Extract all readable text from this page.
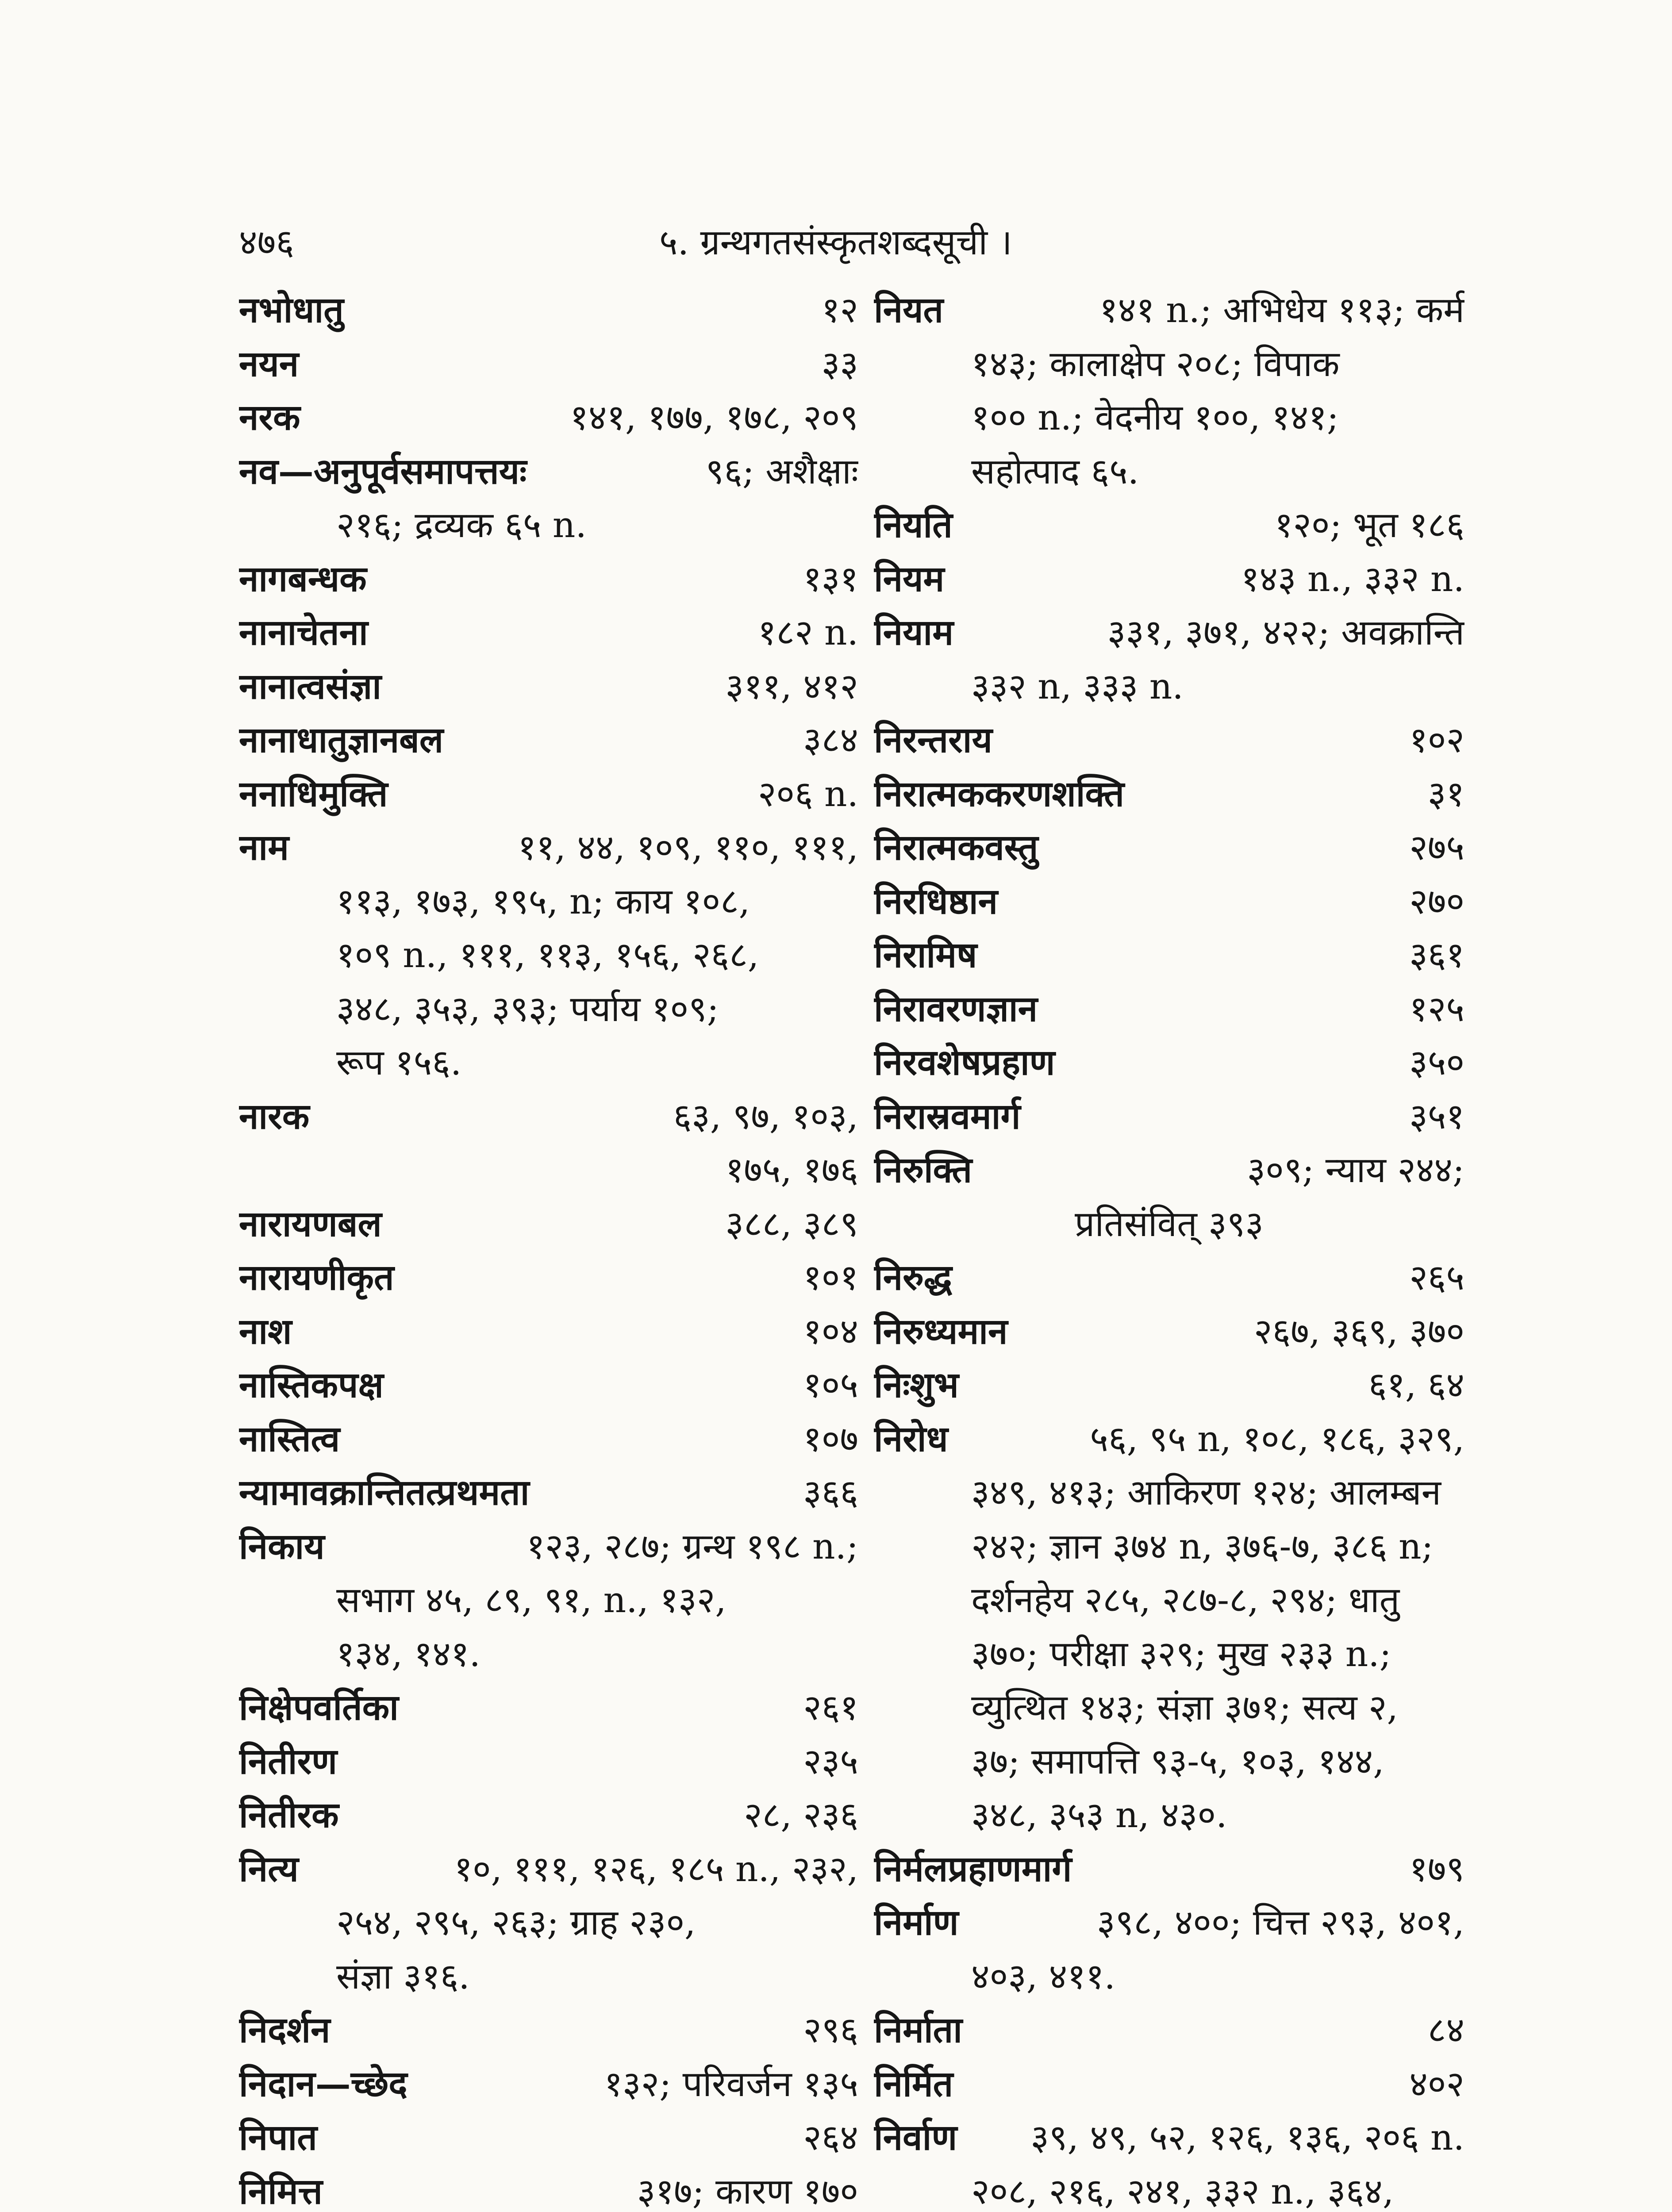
४७६	५. ग्रन्थगतसंस्कृतशब्दसूची ।
नभोधातु	१२
नयन	३३
नरक	१४१, १७७, १७८, २०९
नव—अनुपूर्वसमापत्तयः	९६; अशैक्षाः
२१६; द्रव्यक ६५ n.
नागबन्धक	१३१
नानाचेतना	१८२ n.
नानात्वसंज्ञा	३११, ४१२
नानाधातुज्ञानबल	३८४
ननाधिमुक्ति	२०६ n.
नाम	११, ४४, १०९, ११०, १११,
११३, १७३, १९५, n; काय १०८,
१०९ n., १११, ११३, १५६, २६८,
३४८, ३५३, ३९३; पर्याय १०९;
रूप १५६.
नारक	६३, ९७, १०३,
१७५, १७६
नारायणबल	३८८, ३८९
नारायणीकृत	१०१
नाश	१०४
नास्तिकपक्ष	१०५
नास्तित्व	१०७
न्यामावक्रान्तितत्प्रथमता	३६६
निकाय	१२३, २८७; ग्रन्थ १९८ n.;
सभाग ४५, ८९, ९१, n., १३२,
१३४, १४१.
निक्षेपवर्तिका	२६१
नितीरण	२३५
नितीरक	२८, २३६
नित्य	१०, १११, १२६, १८५ n., २३२,
२५४, २९५, २६३; ग्राह २३०,
संज्ञा ३१६.
निदर्शन	२९६
निदान—च्छेद	१३२; परिवर्जन १३५
निपात	२६४
निमित्त	३१७; कारण १७०
नियत	१४१ n.; अभिधेय ११३; कर्म
१४३; कालाक्षेप २०८; विपाक
१०० n.; वेदनीय १००, १४१;
सहोत्पाद ६५.
नियति	१२०; भूत १८६
नियम	१४३ n., ३३२ n.
नियाम	३३१, ३७१, ४२२; अवक्रान्ति
३३२ n, ३३३ n.
निरन्तराय	१०२
निरात्मककरणशक्ति	३१
निरात्मकवस्तु	२७५
निरधिष्ठान	२७०
निरामिष	३६१
निरावरणज्ञान	१२५
निरवशेषप्रहाण	३५०
निरास्रवमार्ग	३५१
निरुक्ति	३०९; न्याय २४४;
प्रतिसंवित् ३९३
निरुद्ध	२६५
निरुध्यमान	२६७, ३६९, ३७०
निःशुभ	६१, ६४
निरोध	५६, ९५ n, १०८, १८६, ३२९,
३४९, ४१३; आकिरण १२४; आलम्बन
२४२; ज्ञान ३७४ n, ३७६-७, ३८६ n;
दर्शनहेय २८५, २८७-८, २९४; धातु
३७०; परीक्षा ३२९; मुख २३३ n.;
व्युत्थित १४३; संज्ञा ३७१; सत्य २,
३७; समापत्ति ९३-५, १०३, १४४,
३४८, ३५३ n, ४३०.
निर्मलप्रहाणमार्ग	१७९
निर्माण	३९८, ४००; चित्त २९३, ४०१,
४०३, ४११.
निर्माता	८४
निर्मित	४०२
निर्वाण ३९, ४९, ५२, १२६, १३६, २०६ n.
२०८, २१६, २४१, ३३२ n., ३६४,
